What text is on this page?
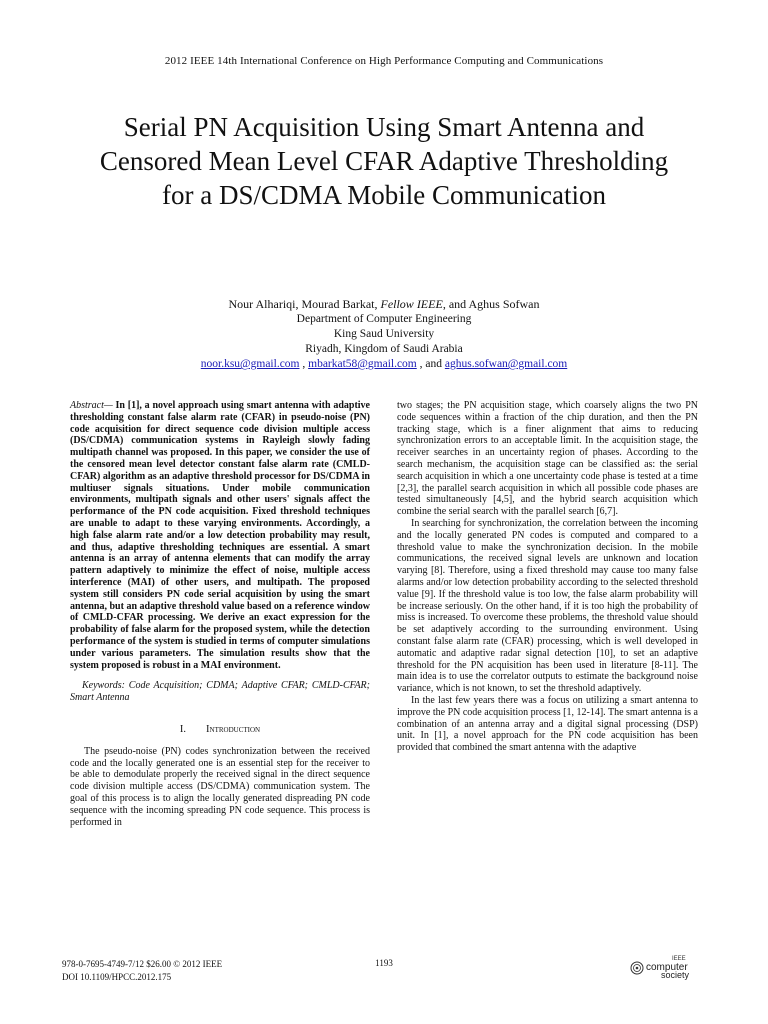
2012 IEEE 14th International Conference on High Performance Computing and Communications
Serial PN Acquisition Using Smart Antenna and Censored Mean Level CFAR Adaptive Thresholding for a DS/CDMA Mobile Communication
Nour Alhariqi, Mourad Barkat, Fellow IEEE, and Aghus Sofwan
Department of Computer Engineering
King Saud University
Riyadh, Kingdom of Saudi Arabia
noor.ksu@gmail.com , mbarkat58@gmail.com , and aghus.sofwan@gmail.com

Abstract— In [1], a novel approach using smart antenna with adaptive thresholding constant false alarm rate (CFAR) in pseudo-noise (PN) code acquisition for direct sequence code division multiple access (DS/CDMA) communication systems in Rayleigh slowly fading multipath channel was proposed. In this paper, we consider the use of the censored mean level detector constant false alarm rate (CMLD-CFAR) algorithm as an adaptive threshold processor for DS/CDMA in multiuser signals situations. Under mobile communication environments, multipath signals and other users' signals affect the performance of the PN code acquisition. Fixed threshold techniques are unable to adapt to these varying environments. Accordingly, a high false alarm rate and/or a low detection probability may result, and thus, adaptive thresholding techniques are essential. A smart antenna is an array of antenna elements that can modify the array pattern adaptively to minimize the effect of noise, multiple access interference (MAI) of other users, and multipath. The proposed system still considers PN code serial acquisition by using the smart antenna, but an adaptive threshold value based on a reference window of CMLD-CFAR processing. We derive an exact expression for the probability of false alarm for the proposed system, while the detection performance of the system is studied in terms of computer simulations under various parameters. The simulation results show that the system proposed is robust in a MAI environment.

Keywords: Code Acquisition; CDMA; Adaptive CFAR; CMLD-CFAR; Smart Antenna

I. Introduction

The pseudo-noise (PN) codes synchronization between the received code and the locally generated one is an essential step for the receiver to be able to demodulate properly the received signal in the direct sequence code division multiple access (DS/CDMA) communication system. The goal of this process is to align the locally generated dispreading PN code sequence with the incoming spreading PN code sequence. This process is performed in

two stages; the PN acquisition stage, which coarsely aligns the two PN code sequences within a fraction of the chip duration, and then the PN tracking stage, which is a finer alignment that aims to reducing synchronization errors to an acceptable limit. In the acquisition stage, the receiver searches in an uncertainty region of phases. According to the search mechanism, the acquisition stage can be classified as: the serial search acquisition in which a one uncertainty code phase is tested at a time [2,3], the parallel search acquisition in which all possible code phases are tested simultaneously [4,5], and the hybrid search acquisition which combine the serial search with the parallel search [6,7].

In searching for synchronization, the correlation between the incoming and the locally generated PN codes is computed and compared to a threshold value to make the synchronization decision. In the mobile communications, the received signal levels are unknown and location varying [8]. Therefore, using a fixed threshold may cause too many false alarms and/or low detection probability according to the selected threshold value [9]. If the threshold value is too low, the false alarm probability will be increase seriously. On the other hand, if it is too high the probability of miss is increased. To overcome these problems, the threshold value should be set adaptively according to the surrounding environment. Using constant false alarm rate (CFAR) processing, which is well developed in automatic and adaptive radar signal detection [10], to set an adaptive threshold for the PN acquisition has been used in literature [8-11]. The main idea is to use the correlator outputs to estimate the background noise variance, which is not known, to set the threshold adaptively.

In the last few years there was a focus on utilizing a smart antenna to improve the PN code acquisition process [1, 12-14]. The smart antenna is a combination of an antenna array and a digital signal processing (DSP) unit. In [1], a novel approach for the PN code acquisition has been provided that combined the smart antenna with the adaptive

978-0-7695-4749-7/12 $26.00 © 2012 IEEE
DOI 10.1109/HPCC.2012.175
1193	IEEE
computer
society
